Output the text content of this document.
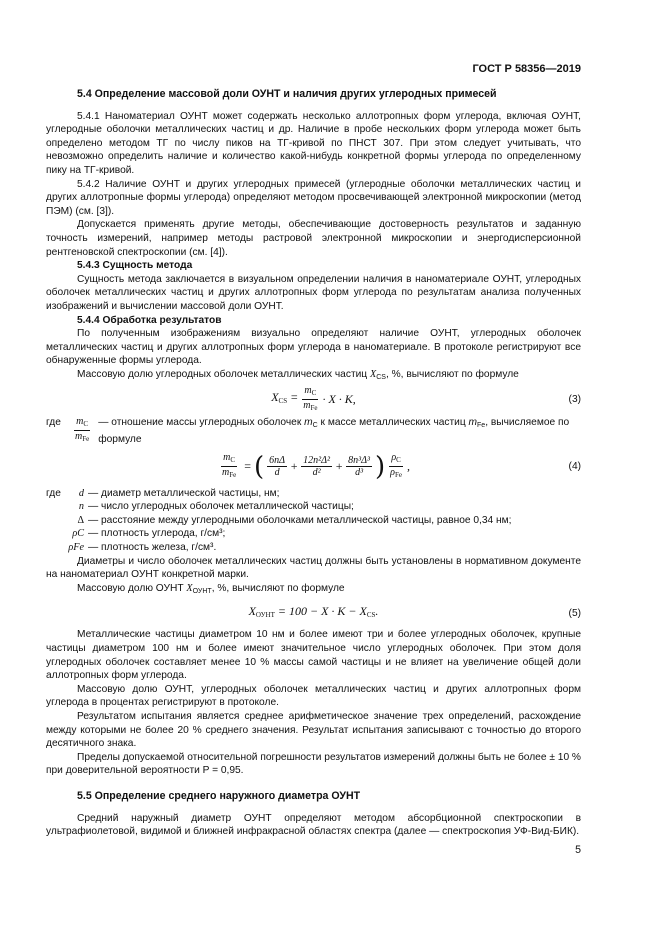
ГОСТ Р 58356—2019
5.4 Определение массовой доли ОУНТ и наличия других углеродных примесей

5.4.1 Наноматериал ОУНТ может содержать несколько аллотропных форм углерода, включая ОУНТ, углеродные оболочки металлических частиц и др. Наличие в пробе нескольких форм углерода может быть определено методом ТГ по числу пиков на ТГ-кривой по ПНСТ 307. При этом следует учитывать, что невозможно определить наличие и количество какой-нибудь конкретной формы углерода по определенному пику на ТГ-кривой.

5.4.2 Наличие ОУНТ и других углеродных примесей (углеродные оболочки металлических частиц и других аллотропные формы углерода) определяют методом просвечивающей электронной микроскопии (метод ПЭМ) (см. [3]).

Допускается применять другие методы, обеспечивающие достоверность результатов и заданную точность измерений, например методы растровой электронной микроскопии и энергодисперсионной рентгеновской спектроскопии (см. [4]).

5.4.3 Сущность метода

Сущность метода заключается в визуальном определении наличия в наноматериале ОУНТ, углеродных оболочек металлических частиц и других аллотропных форм углерода по результатам анализа полученных изображений и вычислении массовой доли ОУНТ.

5.4.4 Обработка результатов

По полученным изображениям визуально определяют наличие ОУНТ, углеродных оболочек металлических частиц и других аллотропных форм углерода в наноматериале. В протоколе регистрируют все обнаруженные формы углерода.

Массовую долю углеродных оболочек металлических частиц $X_{CS}$, %, вычисляют по формуле

$X_{CS} = \frac{m_C}{m_{Fe}} \cdot X \cdot K$,	(3)
где	$\frac{m_C}{m_{Fe}}$ — отношение массы углеродных оболочек $m_C$ к массе металлических частиц $m_{Fe}$, вычисляемое по формуле
$\frac{m_C}{m_{Fe}}$ = ( $\frac{6n\Delta}{d} + \frac{\text{12n²Δ²}}{\text{d²}} + \frac{\text{8n³Δ³}}{\text{d³}}$ ) $\frac{\rho_C}{\rho_{Fe}}$ ,	(4)
где	d — диаметр металлической частицы, нм;
n — число углеродных оболочек металлической частицы;
Δ — расстояние между углеродными оболочками металлической частицы, равное 0,34 нм;
ρC — плотность углерода, г/см³;
ρFe — плотность железа, г/см³.

Диаметры и число оболочек металлических частиц должны быть установлены в нормативном документе на наноматериал ОУНТ конкретной марки.

Массовую долю ОУНТ $X_{ОУНТ}$, %, вычисляют по формуле

$X_{ОУНТ} = 100 - X \cdot K - X_{CS}$.	(5)

Металлические частицы диаметром 10 нм и более имеют три и более углеродных оболочек, крупные частицы диаметром 100 нм и более имеют значительное число углеродных оболочек. При этом доля углеродных оболочек составляет менее 10 % массы самой частицы и не влияет на увеличение общей доли аллотропных форм углерода.

Массовую долю ОУНТ, углеродных оболочек металлических частиц и других аллотропных форм углерода в процентах регистрируют в протоколе.

Результатом испытания является среднее арифметическое значение трех определений, расхождение между которыми не более 20 % среднего значения. Результат испытания записывают с точностью до второго десятичного знака.

Пределы допускаемой относительной погрешности результатов измерений должны быть не более ± 10 % при доверительной вероятности P = 0,95.

5.5 Определение среднего наружного диаметра ОУНТ

Средний наружный диаметр ОУНТ определяют методом абсорбционной спектроскопии в ультрафиолетовой, видимой и ближней инфракрасной областях спектра (далее — спектроскопия УФ-Вид-БИК).

5
